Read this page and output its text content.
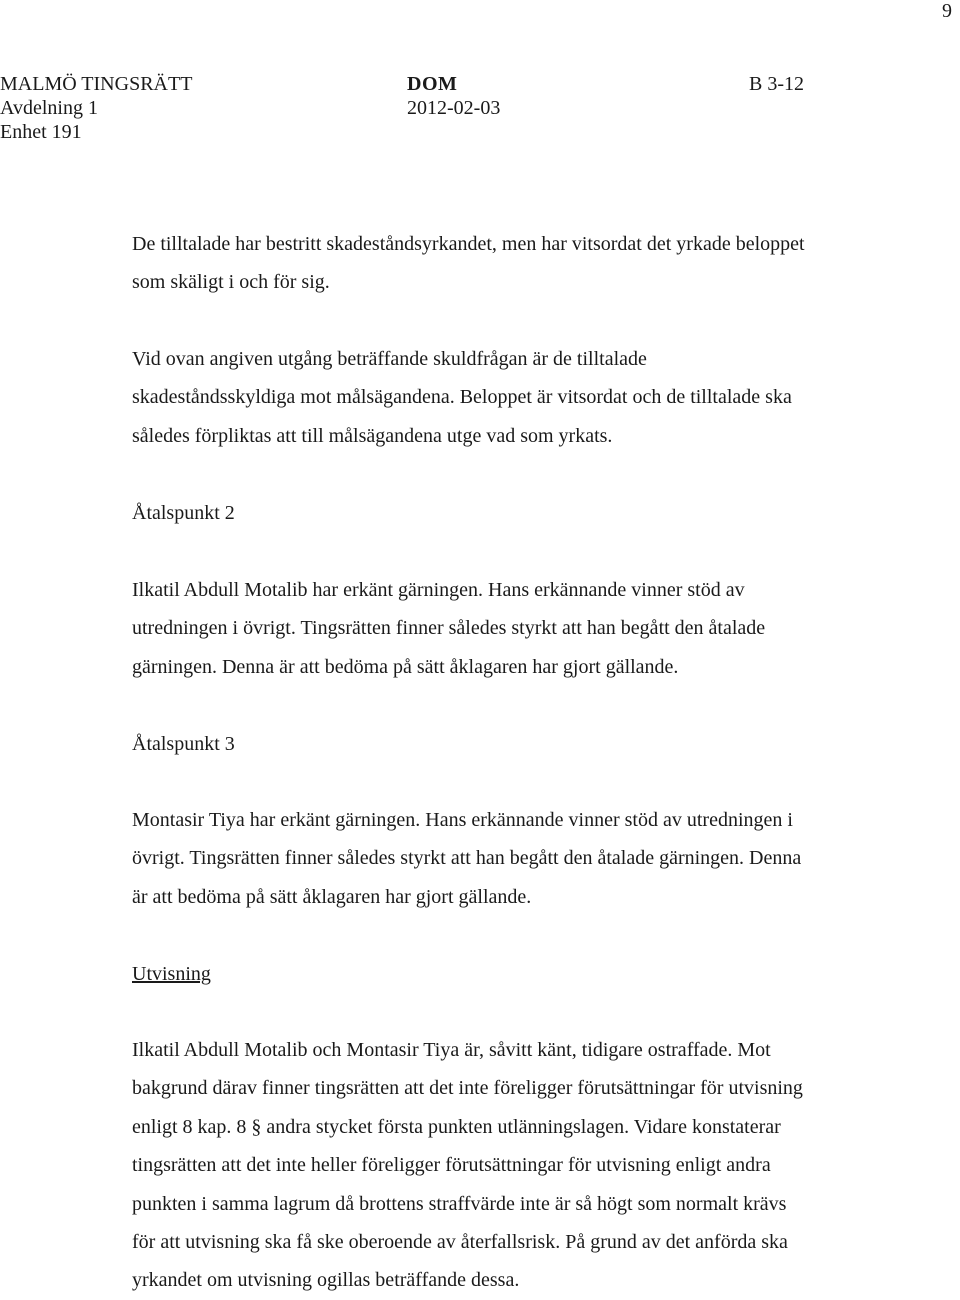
9
MALMÖ TINGSRÄTT
Avdelning 1
Enhet 191
DOM
2012-02-03
B 3-12
De tilltalade har bestritt skadeståndsyrkandet, men har vitsordat det yrkade beloppet
som skäligt i och för sig.
Vid ovan angiven utgång beträffande skuldfrågan är de tilltalade
skadeståndsskyldiga mot målsägandena. Beloppet är vitsordat och de tilltalade ska
således förpliktas att till målsägandena utge vad som yrkats.
Åtalspunkt 2
Ilkatil Abdull Motalib har erkänt gärningen. Hans erkännande vinner stöd av
utredningen i övrigt. Tingsrätten finner således styrkt att han begått den åtalade
gärningen. Denna är att bedöma på sätt åklagaren har gjort gällande.
Åtalspunkt 3
Montasir Tiya har erkänt gärningen. Hans erkännande vinner stöd av utredningen i
övrigt. Tingsrätten finner således styrkt att han begått den åtalade gärningen. Denna
är att bedöma på sätt åklagaren har gjort gällande.
Utvisning
Ilkatil Abdull Motalib och Montasir Tiya är, såvitt känt, tidigare ostraffade. Mot
bakgrund därav finner tingsrätten att det inte föreligger förutsättningar för utvisning
enligt 8 kap. 8 § andra stycket första punkten utlänningslagen. Vidare konstaterar
tingsrätten att det inte heller föreligger förutsättningar för utvisning enligt andra
punkten i samma lagrum då brottens straffvärde inte är så högt som normalt krävs
för att utvisning ska få ske oberoende av återfallsrisk. På grund av det anförda ska
yrkandet om utvisning ogillas beträffande dessa.
